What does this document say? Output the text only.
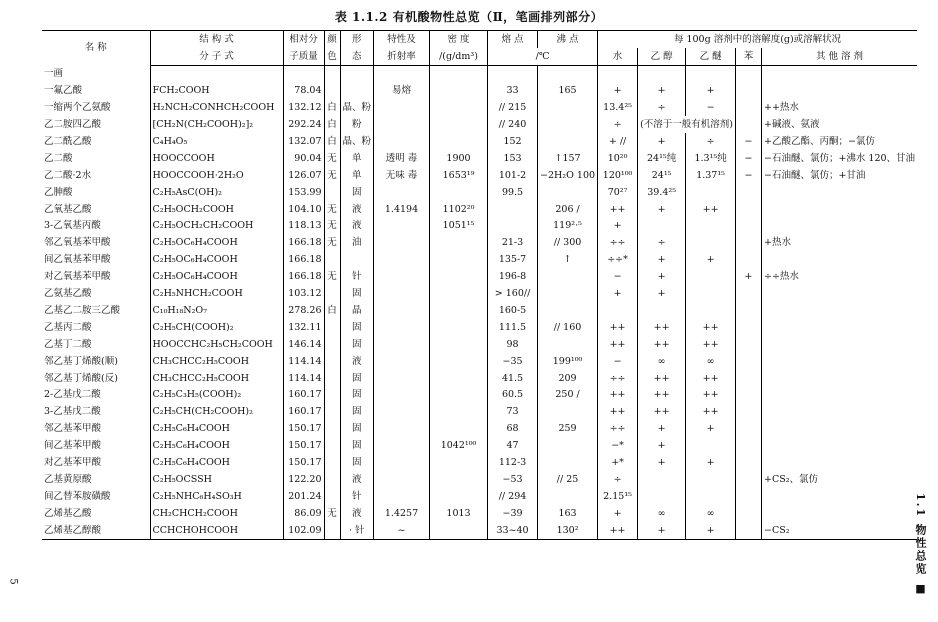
表 1.1.2 有机酸物性总览（Ⅱ，笔画排列部分）
名 称	结 构 式	相对分	颜	形	特性及	密 度	熔 点	沸 点	每 100g 溶剂中的溶解度(g)或溶解状况				
	分 子 式	子质量	色	态	折射率	/(g/dm³)	/℃		水	乙 醇	乙 醚	苯	其 他 溶 剂
一画													
一氟乙酸	FCH₂COOH	78.04			易熔		33	165	+	+	+		
一缩两个乙氨酸	H₂NCH₂CONHCH₂COOH	132.12	白	晶、粉			// 215		13.4²⁵	÷	−		++热水
乙二胺四乙酸	[CH₂N(CH₂COOH)₂]₂	292.24	白	粉			// 240		÷	(不溶于一般有机溶剂)			+碱液、氨液
乙二酰乙酸	C₄H₄O₅	132.07	白	晶、粉			152		+ //	+	÷	−	+乙酸乙酯、丙酮；−氯仿
乙二酸	HOOCCOOH	90.04	无	单	透明 毒	1900	153	↑157	10²⁰	24¹⁵纯	1.3¹⁵纯	−	−石油醚、氯仿；+沸水 120、甘油
乙二酸·2水	HOOCCOOH·2H₂O	126.07	无	单	无味 毒	1653¹⁹	101-2	−2H₂O 100	120¹⁰⁰	24¹⁵	1.37¹⁵	−	−石油醚、氯仿；+甘油
乙胂酸	C₂H₅AsC(OH)₂	153.99		固			99.5		70²⁷	39.4²⁵			
乙氧基乙酸	C₂H₅OCH₂COOH	104.10	无	液	1.4194	1102²⁰		206 /	++	+	++		
3-乙氧基丙酸	C₂H₅OCH₂CH₂COOH	118.13	无	液		1051¹⁵		119²·⁵	+				
邻乙氧基苯甲酸	C₂H₅OC₆H₄COOH	166.18	无	油			21-3	// 300	÷÷	÷			+热水
间乙氧基苯甲酸	C₂H₅OC₆H₄COOH	166.18					135-7	↑	÷÷*	+	+		
对乙氧基苯甲酸	C₂H₅OC₆H₄COOH	166.18	无	针			196-8		−	+		+	÷÷热水
乙氨基乙酸	C₂H₅NHCH₂COOH	103.12		固			> 160//		+	+			
乙基乙二胺三乙酸	C₁₀H₁₈N₂O₇	278.26	白	晶			160-5						
乙基丙二酸	C₂H₅CH(COOH)₂	132.11		固			111.5	// 160	++	++	++		
乙基丁二酸	HOOCCHC₂H₅CH₂COOH	146.14		固			98		++	++	++		
邻乙基丁烯酸(顺)	CH₃CHCC₂H₅COOH	114.14		液			−35	199¹⁰⁰	−	∞	∞		
邻乙基丁烯酸(反)	CH₃CHCC₂H₅COOH	114.14		固			41.5	209	÷÷	++	++		
2-乙基戊二酸	C₂H₅C₃H₅(COOH)₂	160.17		固			60.5	250 /	++	++	++		
3-乙基戊二酸	C₂H₅CH(CH₂COOH)₂	160.17		固			73		++	++	++		
邻乙基苯甲酸	C₂H₅C₆H₄COOH	150.17		固			68	259	÷÷	+	+		
间乙基苯甲酸	C₂H₅C₆H₄COOH	150.17		固		1042¹⁰⁰	47		−*	+			
对乙基苯甲酸	C₂H₅C₆H₄COOH	150.17		固			112-3		+*	+	+		
乙基黄原酸	C₂H₅OCSSH	122.20		液			−53	// 25	÷				+CS₂、氯仿
间乙替苯胺磺酸	C₂H₅NHC₆H₄SO₃H	201.24		针			// 294		2.15¹⁵				
乙烯基乙酸	CH₂CHCH₂COOH	86.09	无	液	1.4257	1013	−39	163	+	∞	∞		
乙烯基乙醇酸	CCHCHOHCOOH	102.09		· 针	~		33~40	130²	++	+	+		−CS₂	1.1 物性总览 ■
5
